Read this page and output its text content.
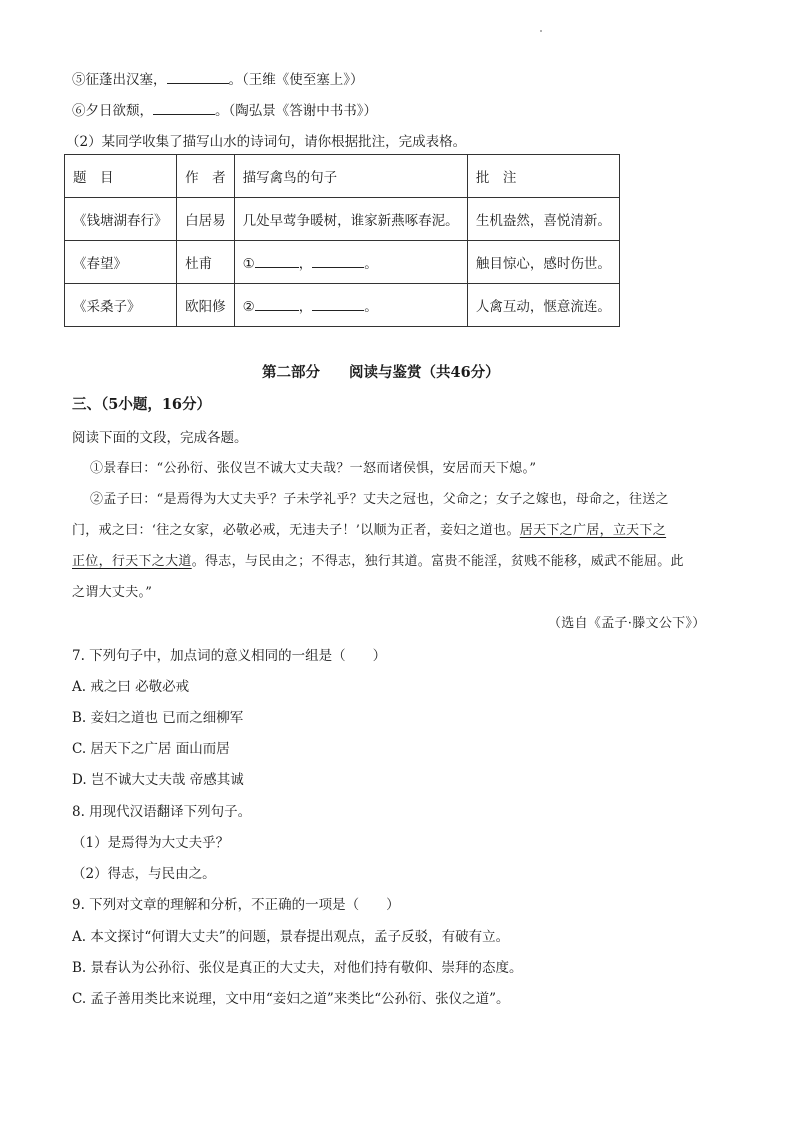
⑤征蓬出汉塞，	。（王维《使至塞上》）
⑥夕日欲颓，	。（陶弘景《答谢中书书》）
（2）某同学收集了描写山水的诗词句，请你根据批注，完成表格。
题　目	作　者	描写禽鸟的句子	批　注
《钱塘湖春行》	白居易	几处早莺争暖树，谁家新燕啄春泥。	生机盎然，喜悦清新。
《春望》	杜甫	① ， 。	触目惊心，感时伤世。
《采桑子》	欧阳修	② ， 。	人禽互动，惬意流连。
第二部分　　阅读与鉴赏（共46分）
三、（5小题，16分）
阅读下面的文段，完成各题。
①景春曰：“公孙衍、张仪岂不诚大丈夫哉？一怒而诸侯惧，安居而天下熄。”
②孟子曰：“是焉得为大丈夫乎？子未学礼乎？丈夫之冠也，父命之；女子之嫁也，母命之，往送之
门，戒之曰：‘往之女家，必敬必戒，无违夫子！’以顺为正者，妾妇之道也。居天下之广居，立天下之
正位，行天下之大道。得志，与民由之；不得志，独行其道。富贵不能淫，贫贱不能移，威武不能屈。此
之谓大丈夫。”
（选自《孟子·滕文公下》）
7. 下列句子中，加点词的意义相同的一组是（　　）
A. 戒之曰 必敬必戒
B. 妾妇之道也 已而之细柳军
C. 居天下之广居 面山而居
D. 岂不诚大丈夫哉 帝感其诚
8. 用现代汉语翻译下列句子。
（1）是焉得为大丈夫乎？
（2）得志，与民由之。
9. 下列对文章的理解和分析，不正确的一项是（　　）
A. 本文探讨“何谓大丈夫”的问题，景春提出观点，孟子反驳，有破有立。
B. 景春认为公孙衍、张仪是真正的大丈夫，对他们持有敬仰、崇拜的态度。
C. 孟子善用类比来说理，文中用“妾妇之道”来类比“公孙衍、张仪之道”。
